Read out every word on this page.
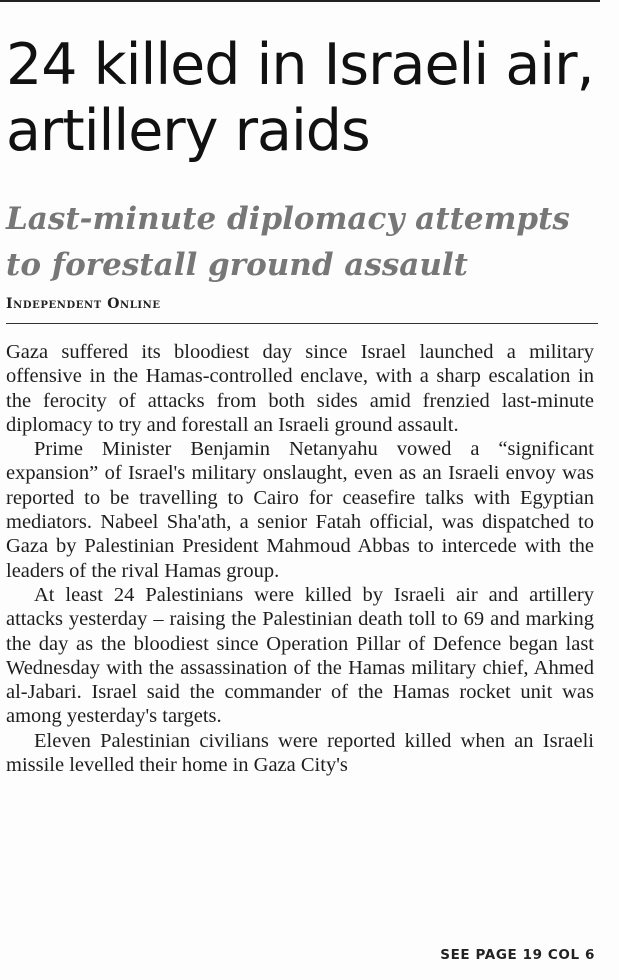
24 killed in Israeli air, artillery raids
Last-minute diplomacy attempts to forestall ground assault
Independent Online

Gaza suffered its bloodiest day since Israel launched a military offensive in the Hamas-controlled enclave, with a sharp escalation in the ferocity of attacks from both sides amid frenzied last-minute diplomacy to try and forestall an Israeli ground assault.

Prime Minister Benjamin Netanyahu vowed a “significant expansion” of Israel's military onslaught, even as an Israeli envoy was reported to be travelling to Cairo for ceasefire talks with Egyptian mediators. Nabeel Sha'ath, a senior Fatah official, was dispatched to Gaza by Palestinian President Mahmoud Abbas to intercede with the leaders of the rival Hamas group.

At least 24 Palestinians were killed by Israeli air and artillery attacks yesterday – raising the Palestinian death toll to 69 and marking the day as the bloodiest since Operation Pillar of Defence began last Wednesday with the assassination of the Hamas military chief, Ahmed al-Jabari. Israel said the commander of the Hamas rocket unit was among yesterday's targets.

Eleven Palestinian civilians were reported killed when an Israeli missile levelled their home in Gaza City's

SEE PAGE 19 COL 6
